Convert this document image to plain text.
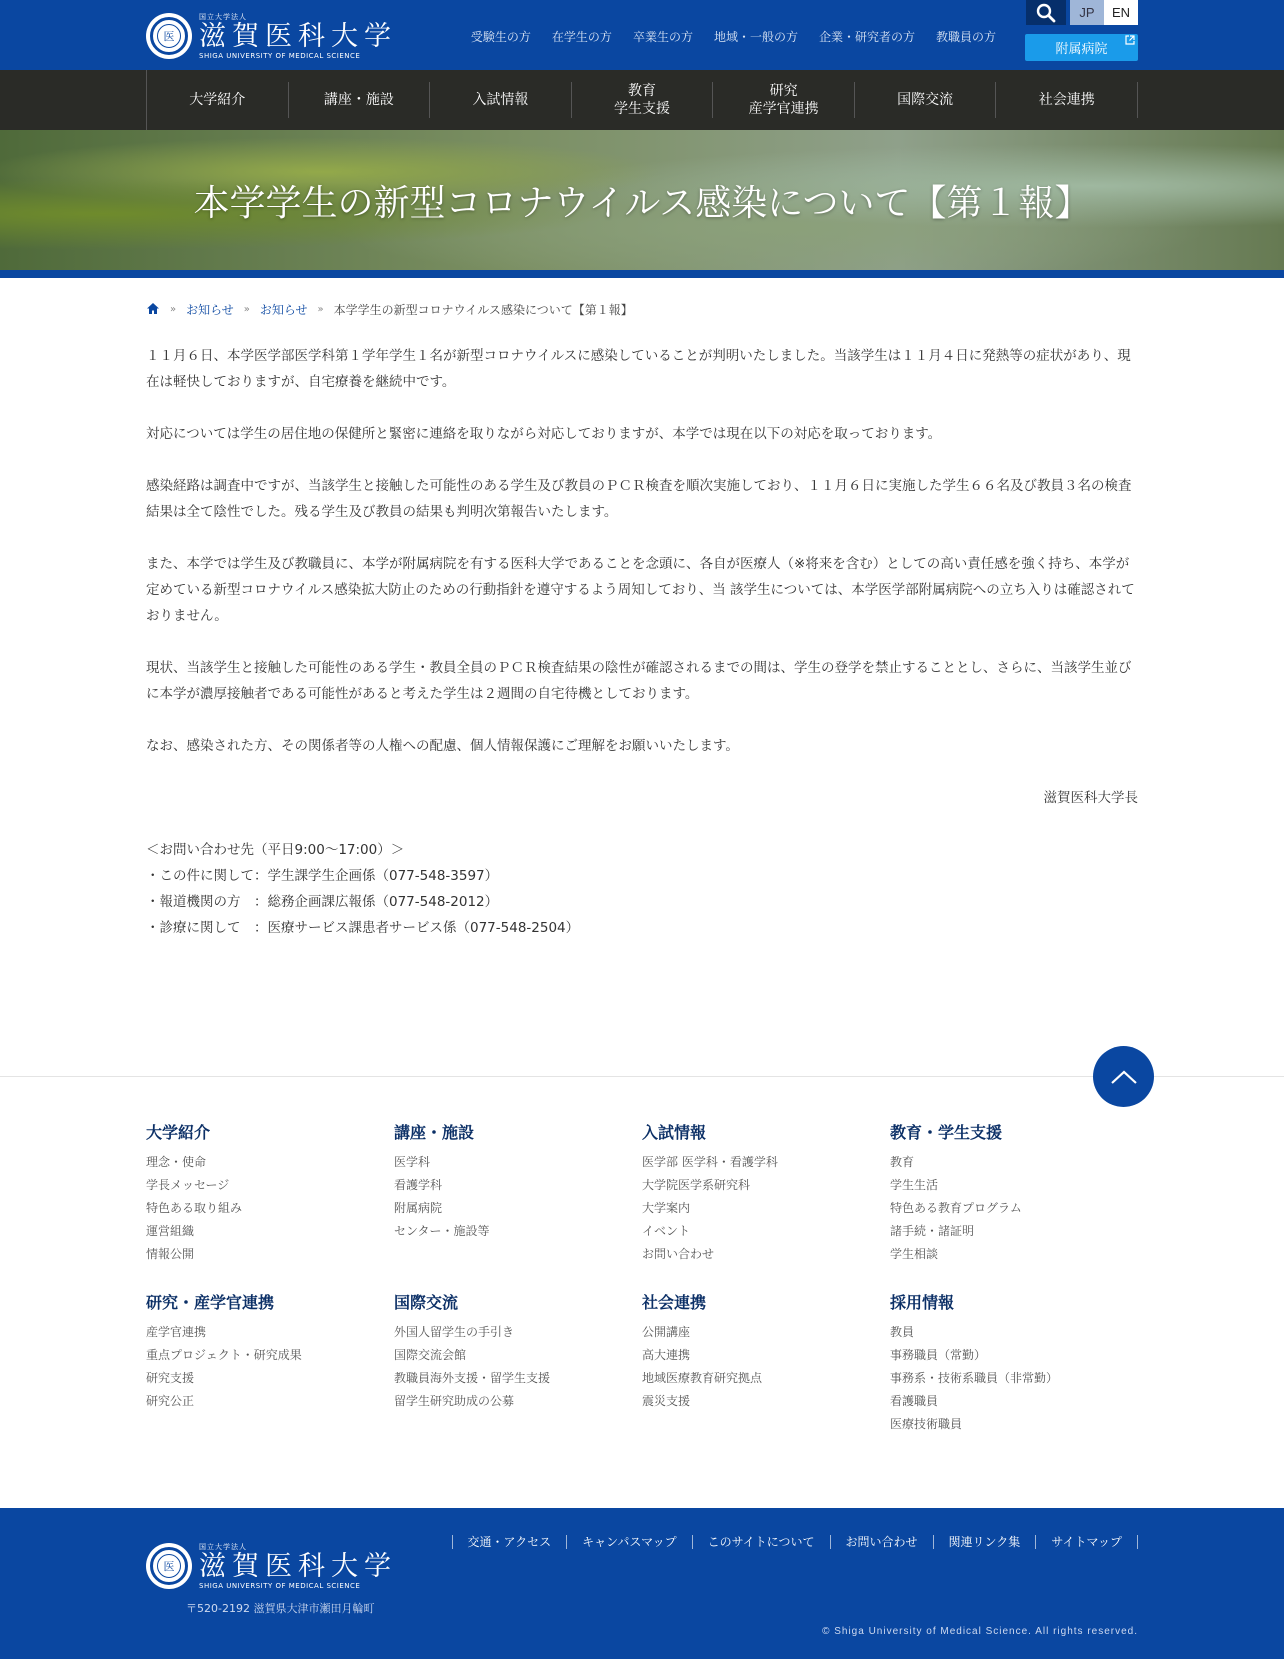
医
国立大学法人
滋賀医科大学
SHIGA UNIVERSITY OF MEDICAL SCIENCE
受験生の方 在学生の方 卒業生の方 地域・一般の方 企業・研究者の方 教職員の方
JP	EN
附属病院
大学紹介	講座・施設	入試情報
教育
学生支援
研究
産学官連携
国際交流	社会連携
本学学生の新型コロナウイルス感染について【第１報】
» お知らせ » お知らせ » 本学学生の新型コロナウイルス感染について【第１報】

１１月６日、本学医学部医学科第１学年学生１名が新型コロナウイルスに感染していることが判明いたしました。当該学生は１１月４日に発熱等の症状があり、現在は軽快しておりますが、自宅療養を継続中です。

対応については学生の居住地の保健所と緊密に連絡を取りながら対応しておりますが、本学では現在以下の対応を取っております。

感染経路は調査中ですが、当該学生と接触した可能性のある学生及び教員のＰＣＲ検査を順次実施しており、１１月６日に実施した学生６６名及び教員３名の検査結果は全て陰性でした。残る学生及び教員の結果も判明次第報告いたします。

また、本学では学生及び教職員に、本学が附属病院を有する医科大学であることを念頭に、各自が医療人（※将来を含む）としての高い責任感を強く持ち、本学が定めている新型コロナウイルス感染拡大防止のための行動指針を遵守するよう周知しており、当 該学生については、本学医学部附属病院への立ち入りは確認されておりません。

現状、当該学生と接触した可能性のある学生・教員全員のＰＣＲ検査結果の陰性が確認されるまでの間は、学生の登学を禁止することとし、さらに、当該学生並びに本学が濃厚接触者である可能性があると考えた学生は２週間の自宅待機としております。

なお、感染された方、その関係者等の人権への配慮、個人情報保護にご理解をお願いいたします。

滋賀医科大学長
＜お問い合わせ先（平日9:00～17:00）＞
・この件に関して：学生課学生企画係（077-548-3597）
・報道機関の方　：総務企画課広報係（077-548-2012）
・診療に関して　：医療サービス課患者サービス係（077-548-2504）
大学紹介
理念・使命
学長メッセージ
特色ある取り組み
運営組織
情報公開
講座・施設
医学科
看護学科
附属病院
センター・施設等
入試情報
医学部 医学科・看護学科
大学院医学系研究科
大学案内
イベント
お問い合わせ
教育・学生支援
教育
学生生活
特色ある教育プログラム
諸手続・諸証明
学生相談
研究・産学官連携
産学官連携
重点プロジェクト・研究成果
研究支援
研究公正
国際交流
外国人留学生の手引き
国際交流会館
教職員海外支援・留学生支援
留学生研究助成の公募
社会連携
公開講座
高大連携
地域医療教育研究拠点
震災支援
採用情報
教員
事務職員（常勤）
事務系・技術系職員（非常勤）
看護職員
医療技術職員
医
国立大学法人
滋賀医科大学
SHIGA UNIVERSITY OF MEDICAL SCIENCE
〒520-2192 滋賀県大津市瀬田月輪町
交通・アクセス	キャンパスマップ	このサイトについて	お問い合わせ	関連リンク集	サイトマップ
© Shiga University of Medical Science. All rights reserved.
